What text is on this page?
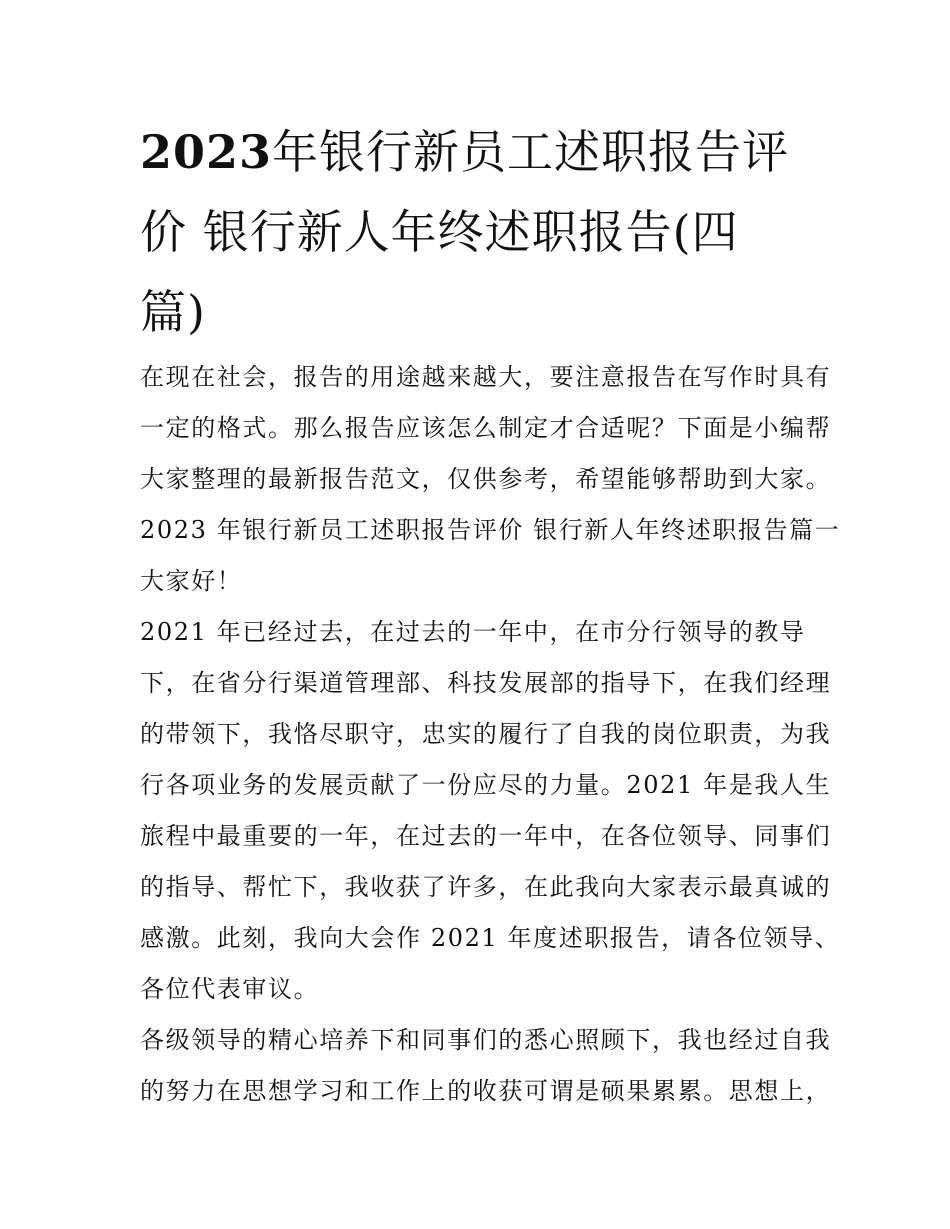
2023年银行新员工述职报告评
价 银行新人年终述职报告(四
篇)
在现在社会，报告的用途越来越大，要注意报告在写作时具有
一定的格式。那么报告应该怎么制定才合适呢？下面是小编帮
大家整理的最新报告范文，仅供参考，希望能够帮助到大家。
2023 年银行新员工述职报告评价 银行新人年终述职报告篇一
大家好！
2021 年已经过去，在过去的一年中，在市分行领导的教导
下，在省分行渠道管理部、科技发展部的指导下，在我们经理
的带领下，我恪尽职守，忠实的履行了自我的岗位职责，为我
行各项业务的发展贡献了一份应尽的力量。2021 年是我人生
旅程中最重要的一年，在过去的一年中，在各位领导、同事们
的指导、帮忙下，我收获了许多，在此我向大家表示最真诚的
感激。此刻，我向大会作 2021 年度述职报告，请各位领导、
各位代表审议。
各级领导的精心培养下和同事们的悉心照顾下，我也经过自我
的努力在思想学习和工作上的收获可谓是硕果累累。思想上，
